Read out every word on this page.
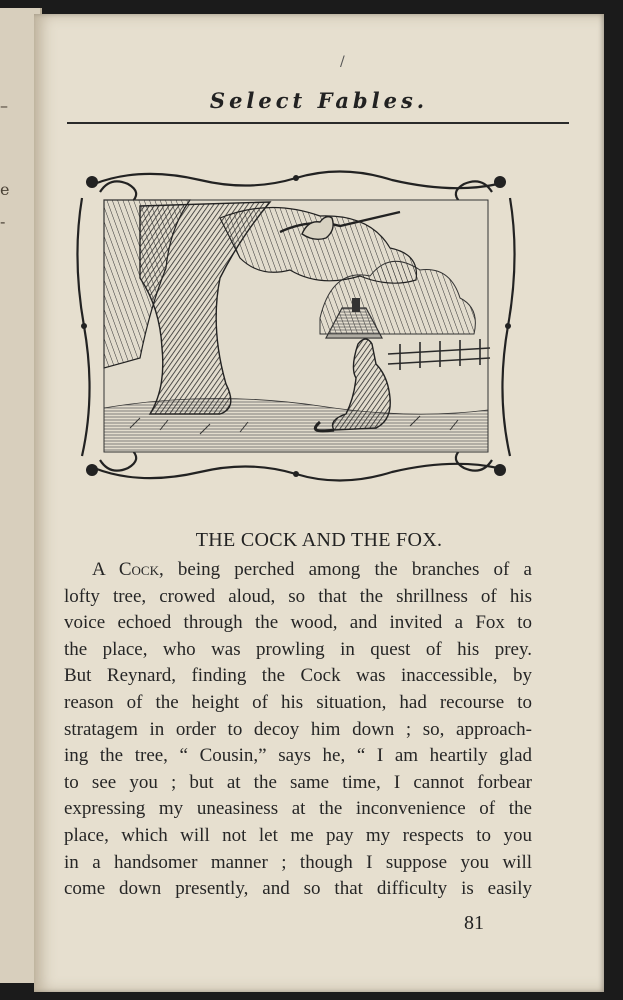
–
e
-
/
Select Fables.
THE COCK AND THE FOX.
A Cock, being perched among the branches of a
lofty tree, crowed aloud, so that the shrillness of his
voice echoed through the wood, and invited a Fox to
the place, who was prowling in quest of his prey.
But Reynard, finding the Cock was inaccessible, by
reason of the height of his situation, had recourse to
stratagem in order to decoy him down ; so, approach-
ing the tree, “ Cousin,” says he, “ I am heartily glad
to see you ; but at the same time, I cannot forbear
expressing my uneasiness at the inconvenience of the
place, which will not let me pay my respects to you
in a handsomer manner ; though I suppose you will
come down presently, and so that difficulty is easily
81
